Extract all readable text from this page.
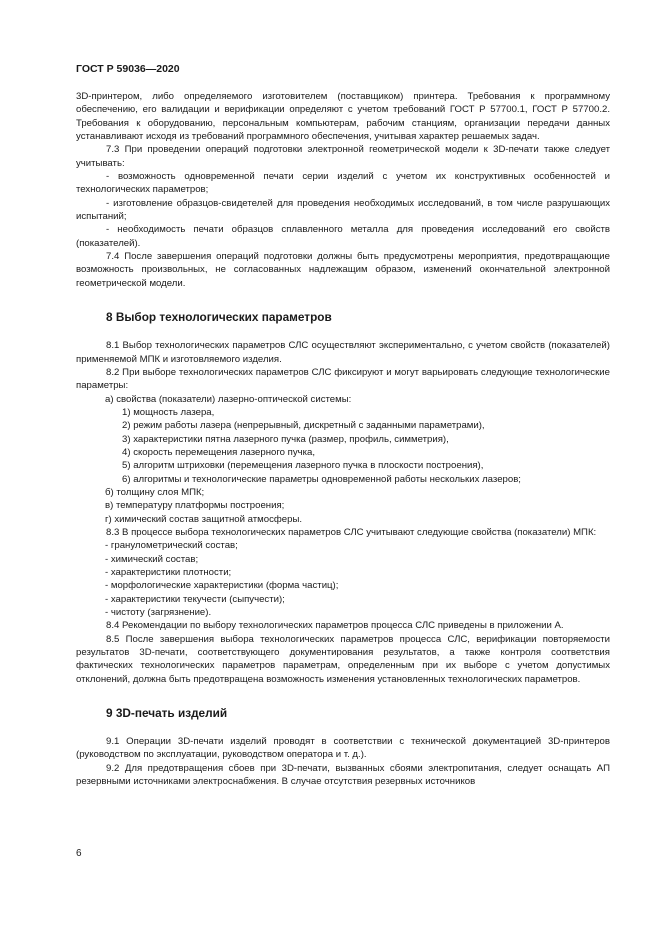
ГОСТ Р 59036—2020
3D-принтером, либо определяемого изготовителем (поставщиком) принтера. Требования к программному обеспечению, его валидации и верификации определяют с учетом требований ГОСТ Р 57700.1, ГОСТ Р 57700.2. Требования к оборудованию, персональным компьютерам, рабочим станциям, организации передачи данных устанавливают исходя из требований программного обеспечения, учитывая характер решаемых задач.
7.3 При проведении операций подготовки электронной геометрической модели к 3D-печати также следует учитывать:
- возможность одновременной печати серии изделий с учетом их конструктивных особенностей и технологических параметров;
- изготовление образцов-свидетелей для проведения необходимых исследований, в том числе разрушающих испытаний;
- необходимость печати образцов сплавленного металла для проведения исследований его свойств (показателей).
7.4 После завершения операций подготовки должны быть предусмотрены мероприятия, предотвращающие возможность произвольных, не согласованных надлежащим образом, изменений окончательной электронной геометрической модели.
8 Выбор технологических параметров
8.1 Выбор технологических параметров СЛС осуществляют экспериментально, с учетом свойств (показателей) применяемой МПК и изготовляемого изделия.
8.2 При выборе технологических параметров СЛС фиксируют и могут варьировать следующие технологические параметры:
а) свойства (показатели) лазерно-оптической системы:
1) мощность лазера,
2) режим работы лазера (непрерывный, дискретный с заданными параметрами),
3) характеристики пятна лазерного пучка (размер, профиль, симметрия),
4) скорость перемещения лазерного пучка,
5) алгоритм штриховки (перемещения лазерного пучка в плоскости построения),
6) алгоритмы и технологические параметры одновременной работы нескольких лазеров;
б) толщину слоя МПК;
в) температуру платформы построения;
г) химический состав защитной атмосферы.
8.3 В процессе выбора технологических параметров СЛС учитывают следующие свойства (показатели) МПК:
- гранулометрический состав;
- химический состав;
- характеристики плотности;
- морфологические характеристики (форма частиц);
- характеристики текучести (сыпучести);
- чистоту (загрязнение).
8.4 Рекомендации по выбору технологических параметров процесса СЛС приведены в приложении А.
8.5 После завершения выбора технологических параметров процесса СЛС, верификации повторяемости результатов 3D-печати, соответствующего документирования результатов, а также контроля соответствия фактических технологических параметров параметрам, определенным при их выборе с учетом допустимых отклонений, должна быть предотвращена возможность изменения установленных технологических параметров.
9 3D-печать изделий
9.1 Операции 3D-печати изделий проводят в соответствии с технической документацией 3D-принтеров (руководством по эксплуатации, руководством оператора и т. д.).
9.2 Для предотвращения сбоев при 3D-печати, вызванных сбоями электропитания, следует оснащать АП резервными источниками электроснабжения. В случае отсутствия резервных источников
6
